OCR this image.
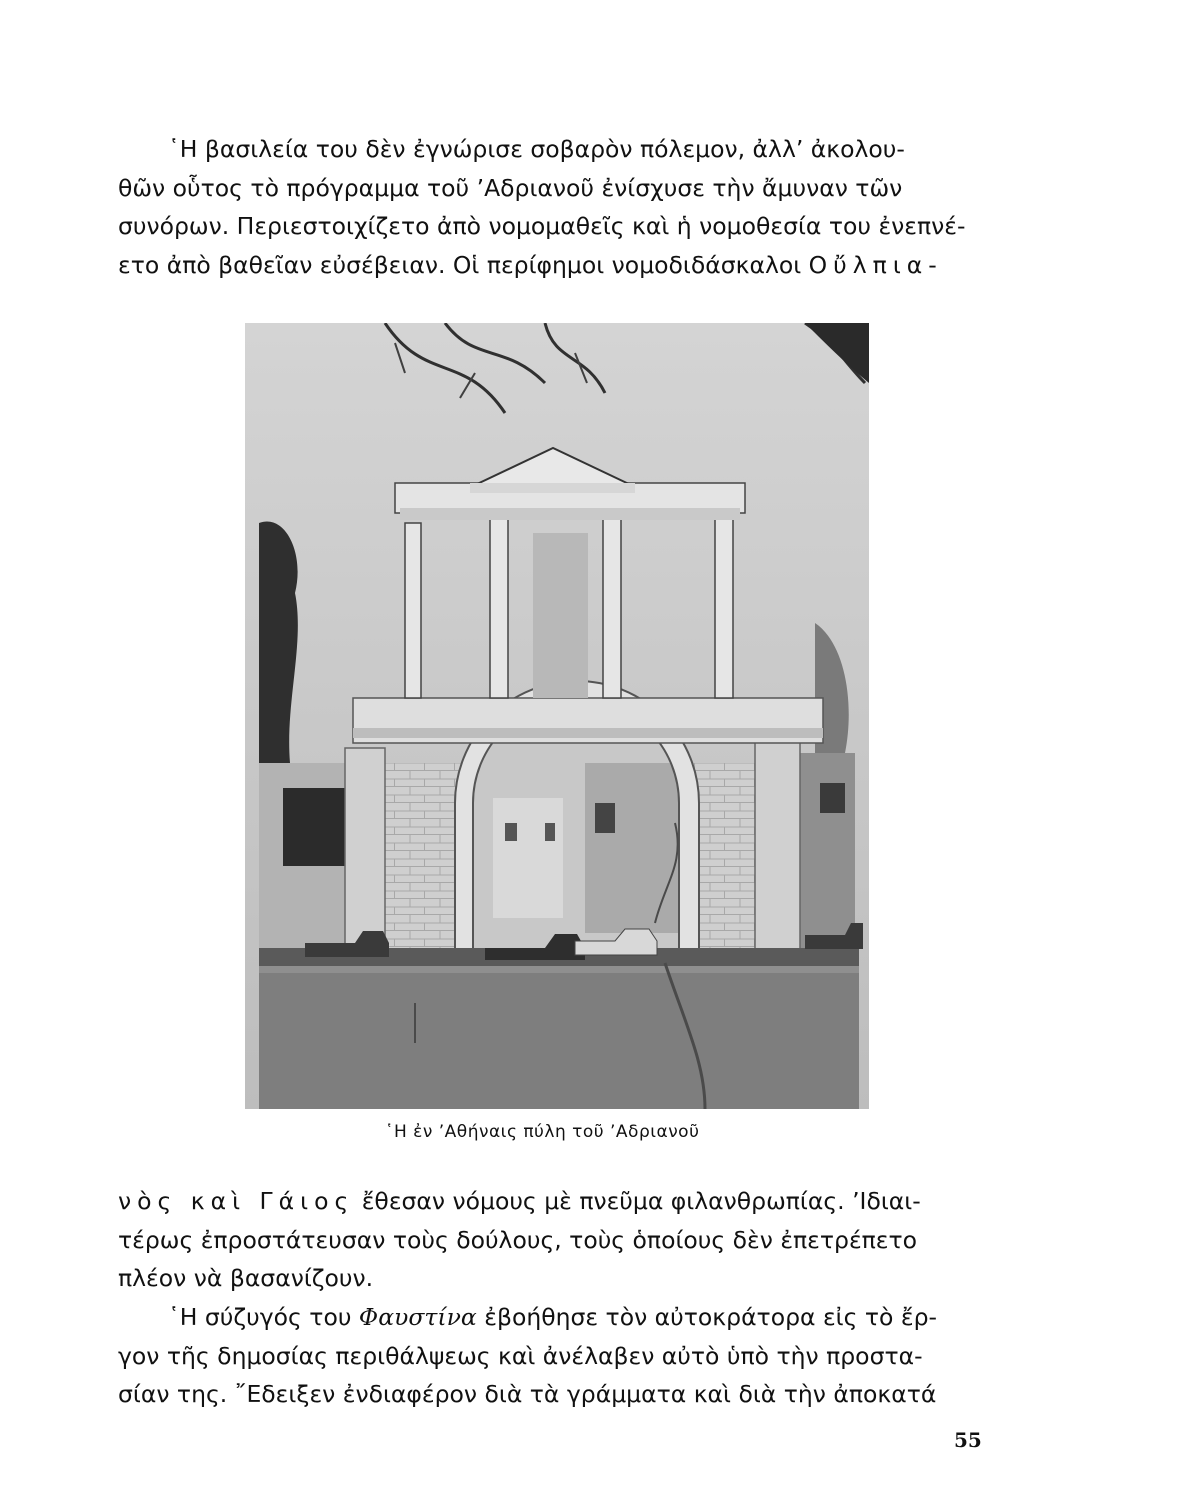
῾Η βασιλεία του δὲν ἐγνώρισε σοβαρὸν πόλεμον, ἀλλ’ ἀκολου-

θῶν οὗτος τὸ πρόγραμμα τοῦ ’Αδριανοῦ ἐνίσχυσε τὴν ἄμυναν τῶν

συνόρων. Περιεστοιχίζετο ἀπὸ νομομαθεῖς καὶ ἡ νομοθεσία του ἐνεπνέ-

ετο ἀπὸ βαθεῖαν εὐσέβειαν. Οἱ περίφημοι νομοδιδάσκαλοι Οὔλπια-

῾Η ἐν ’Αθήναις πύλη τοῦ ’Αδριανοῦ

νὸς καὶ Γάιος ἔθεσαν νόμους μὲ πνεῦμα φιλανθρωπίας. ’Ιδιαι-

τέρως ἐπροστάτευσαν τοὺς δούλους, τοὺς ὁποίους δὲν ἐπετρέπετο

πλέον νὰ βασανίζουν.

῾Η σύζυγός του Φαυστίνα ἐβοήθησε τὸν αὐτοκράτορα εἰς τὸ ἔρ-

γον τῆς δημοσίας περιθάλψεως καὶ ἀνέλαβεν αὐτὸ ὑπὸ τὴν προστα-

σίαν της. ῎Εδειξεν ἐνδιαφέρον διὰ τὰ γράμματα καὶ διὰ τὴν ἀποκατά

55
